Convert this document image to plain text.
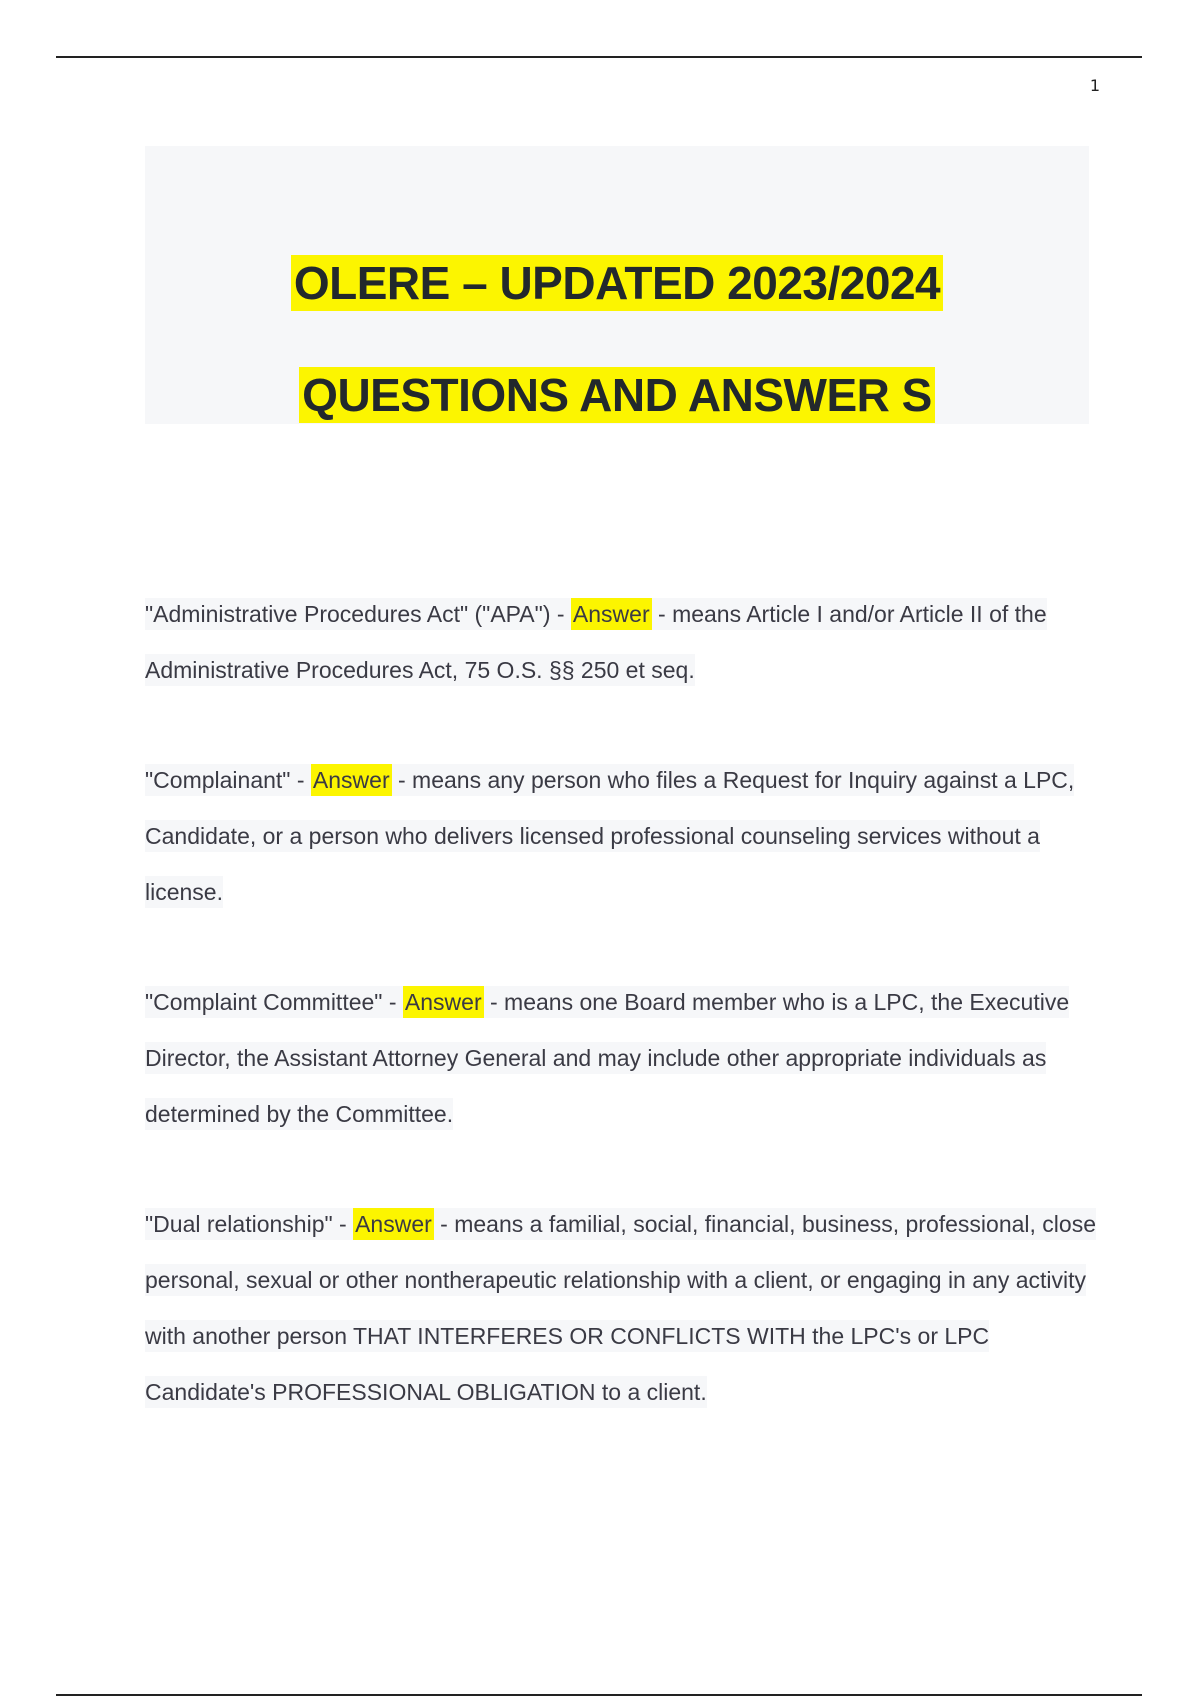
1
OLERE – UPDATED 2023/2024
QUESTIONS AND ANSWER S

"Administrative Procedures Act" ("APA") - Answer - means Article I and/or Article II of the Administrative Procedures Act, 75 O.S. §§ 250 et seq.

"Complainant" - Answer - means any person who files a Request for Inquiry against a LPC, Candidate, or a person who delivers licensed professional counseling services without a license.

"Complaint Committee" - Answer - means one Board member who is a LPC, the Executive Director, the Assistant Attorney General and may include other appropriate individuals as determined by the Committee.

"Dual relationship" - Answer - means a familial, social, financial, business, professional, close personal, sexual or other nontherapeutic relationship with a client, or engaging in any activity with another person THAT INTERFERES OR CONFLICTS WITH the LPC's or LPC Candidate's PROFESSIONAL OBLIGATION to a client.
